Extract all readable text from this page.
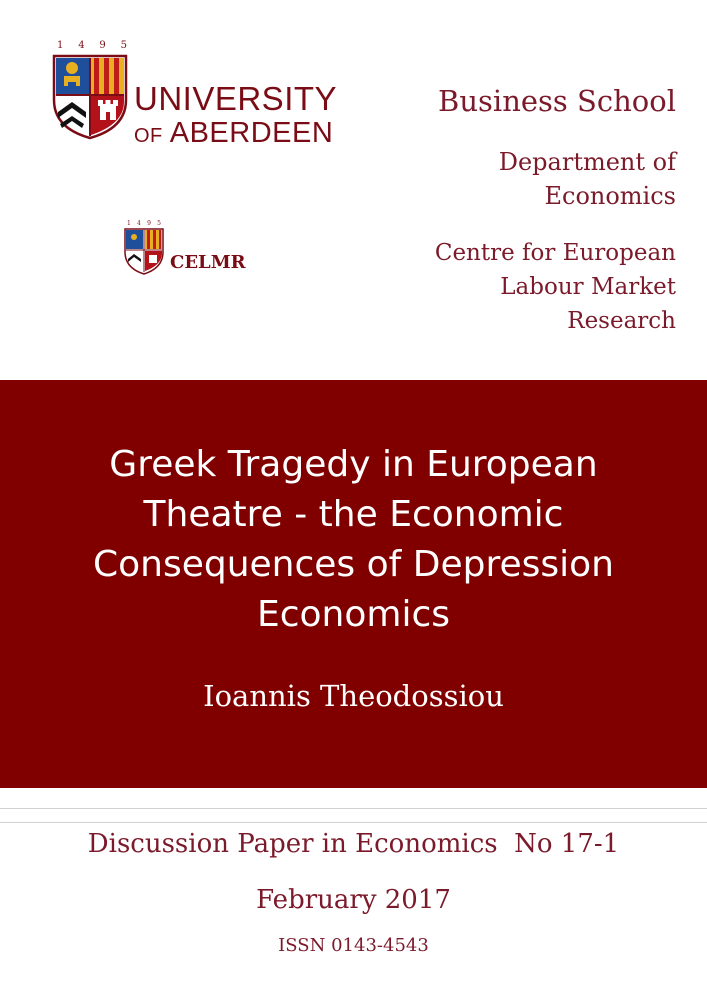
1 4 9 5
UNIVERSITY
OF ABERDEEN
1 4 9 5
CELMR
Business School
Department of
Economics
Centre for European
Labour Market
Research
Greek Tragedy in European
Theatre - the Economic
Consequences of Depression
Economics
Ioannis Theodossiou
Discussion Paper in Economics  No 17-1
February 2017
ISSN 0143-4543
